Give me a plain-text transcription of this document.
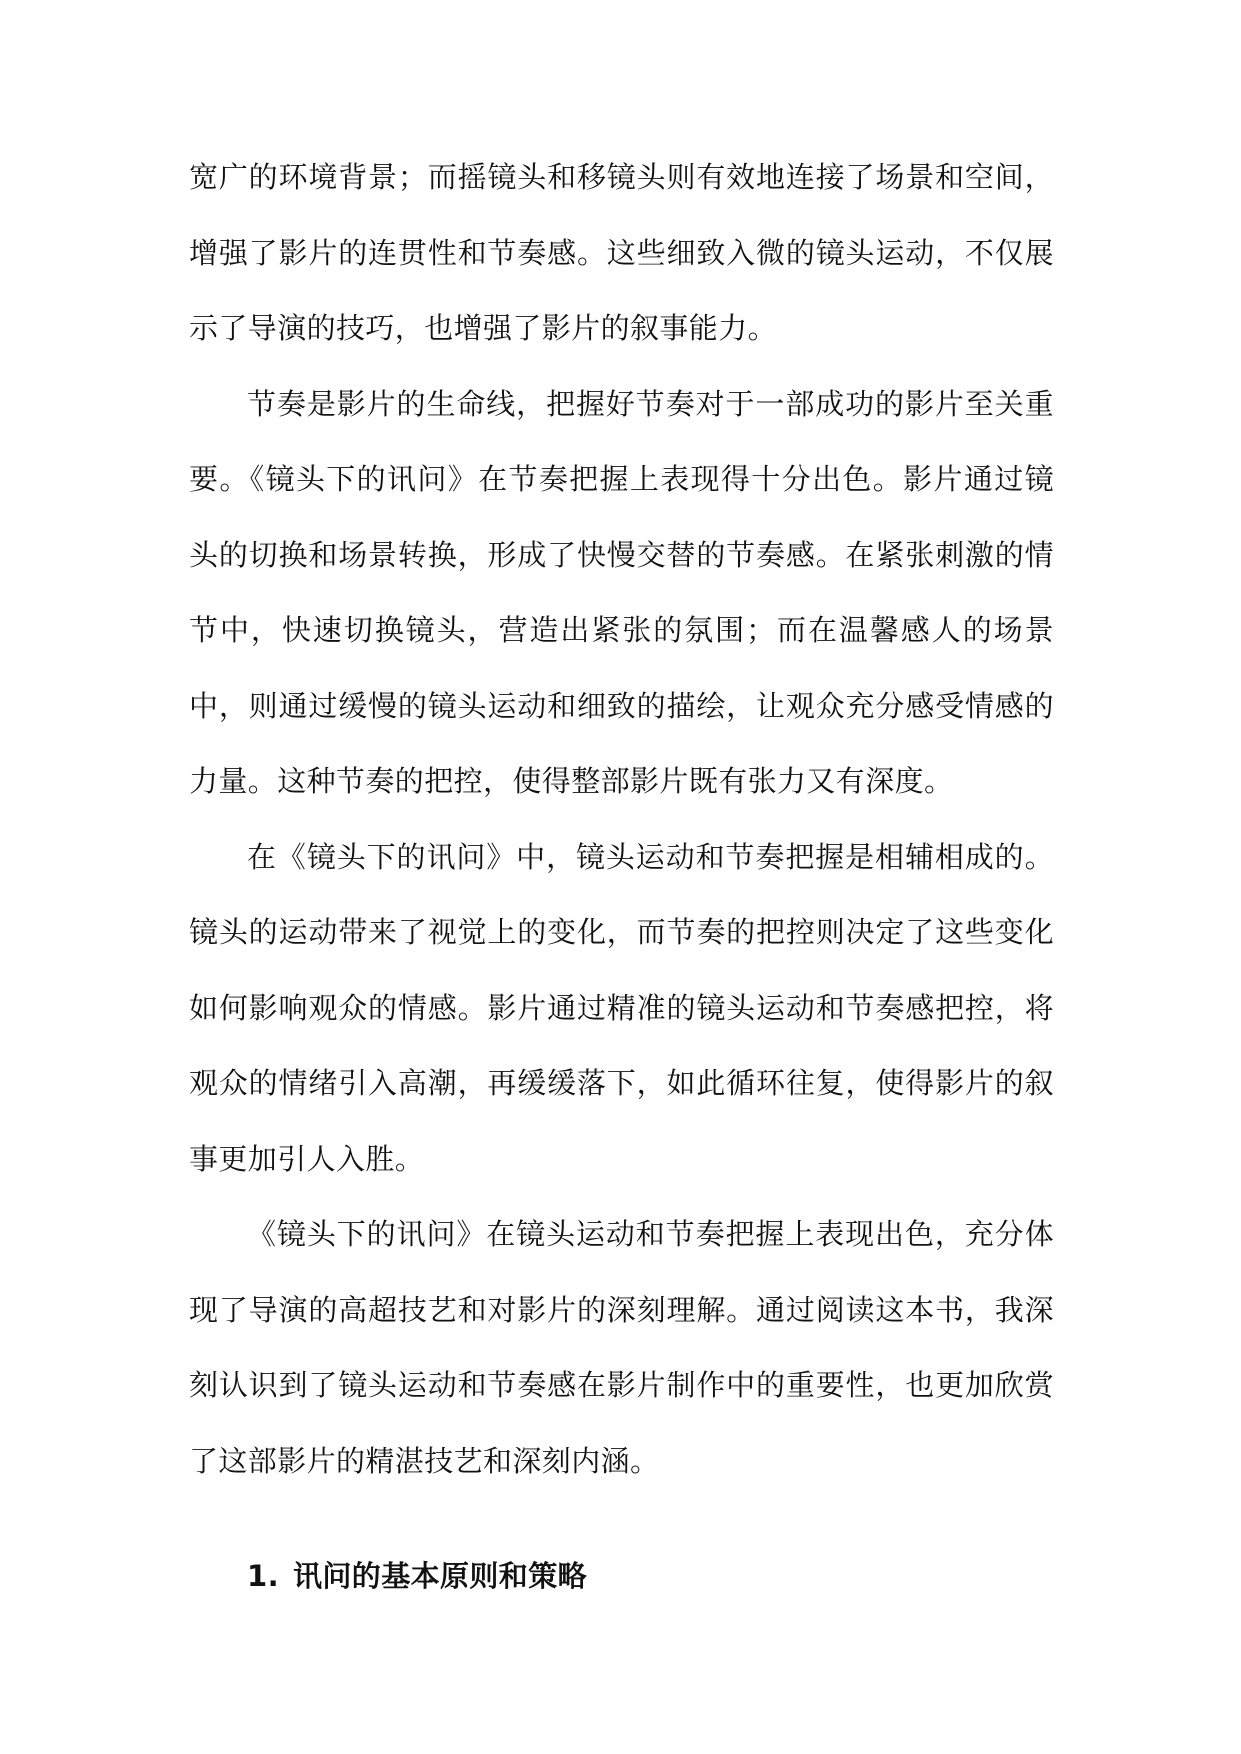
宽广的环境背景；而摇镜头和移镜头则有效地连接了场景和空间，增强了影片的连贯性和节奏感。这些细致入微的镜头运动，不仅展示了导演的技巧，也增强了影片的叙事能力。

节奏是影片的生命线，把握好节奏对于一部成功的影片至关重要。《镜头下的讯问》在节奏把握上表现得十分出色。影片通过镜头的切换和场景转换，形成了快慢交替的节奏感。在紧张刺激的情节中，快速切换镜头，营造出紧张的氛围；而在温馨感人的场景中，则通过缓慢的镜头运动和细致的描绘，让观众充分感受情感的力量。这种节奏的把控，使得整部影片既有张力又有深度。

在《镜头下的讯问》中，镜头运动和节奏把握是相辅相成的。镜头的运动带来了视觉上的变化，而节奏的把控则决定了这些变化如何影响观众的情感。影片通过精准的镜头运动和节奏感把控，将观众的情绪引入高潮，再缓缓落下，如此循环往复，使得影片的叙事更加引人入胜。

《镜头下的讯问》在镜头运动和节奏把握上表现出色，充分体现了导演的高超技艺和对影片的深刻理解。通过阅读这本书，我深刻认识到了镜头运动和节奏感在影片制作中的重要性，也更加欣赏了这部影片的精湛技艺和深刻内涵。

1. 讯问的基本原则和策略
